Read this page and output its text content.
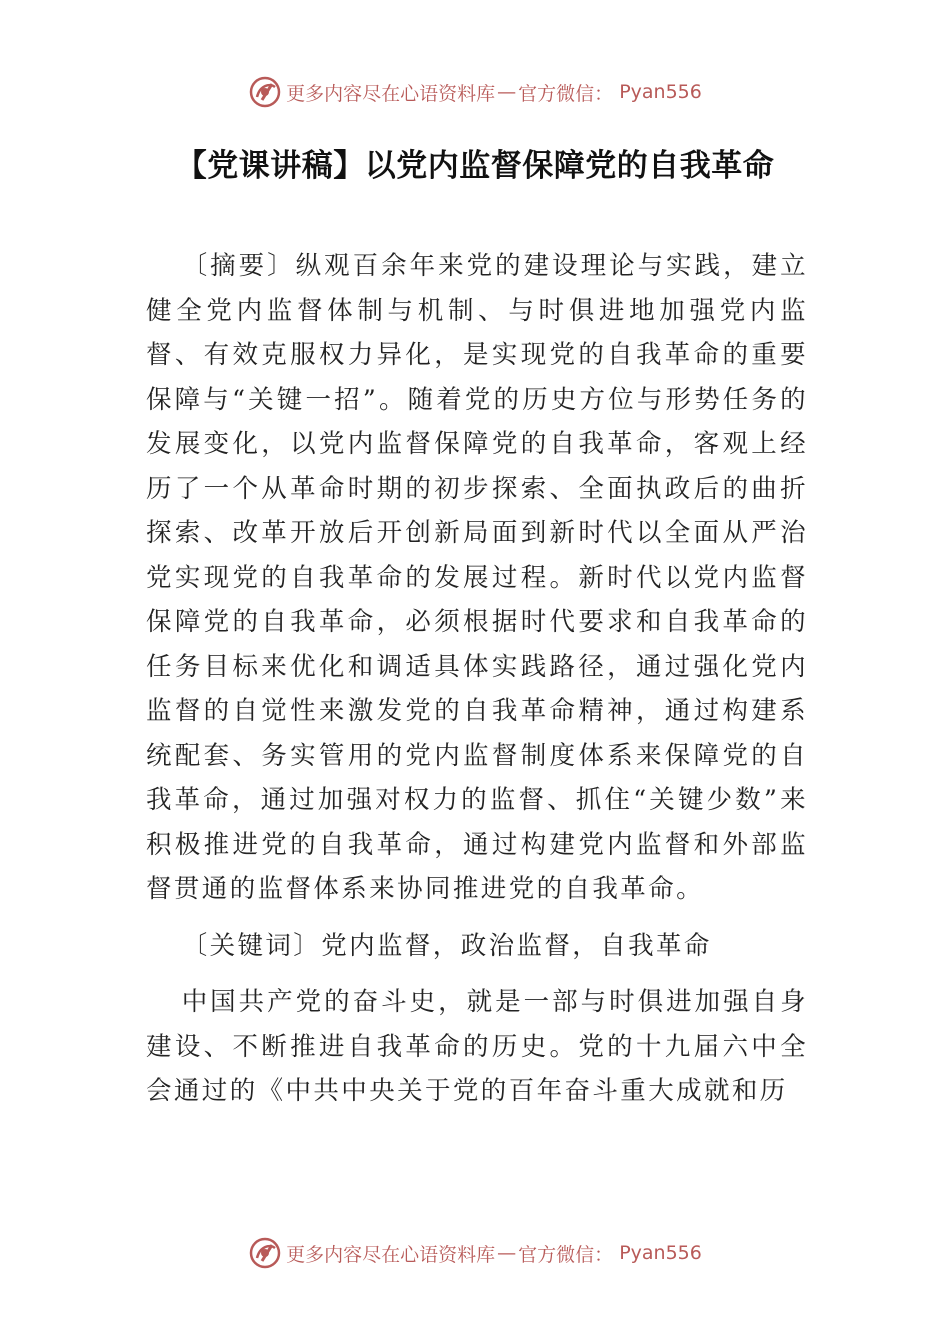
更多内容尽在心语资料库 — 官方微信： Pyan556
【党课讲稿】以党内监督保障党的自我革命

〔摘要〕纵观百余年来党的建设理论与实践，建立健全党内监督体制与机制、与时俱进地加强党内监督、有效克服权力异化，是实现党的自我革命的重要保障与“关键一招”。随着党的历史方位与形势任务的发展变化，以党内监督保障党的自我革命，客观上经历了一个从革命时期的初步探索、全面执政后的曲折探索、改革开放后开创新局面到新时代以全面从严治党实现党的自我革命的发展过程。新时代以党内监督保障党的自我革命，必须根据时代要求和自我革命的任务目标来优化和调适具体实践路径，通过强化党内监督的自觉性来激发党的自我革命精神，通过构建系统配套、务实管用的党内监督制度体系来保障党的自我革命，通过加强对权力的监督、抓住“关键少数”来积极推进党的自我革命，通过构建党内监督和外部监督贯通的监督体系来协同推进党的自我革命。

〔关键词〕党内监督，政治监督，自我革命

中国共产党的奋斗史，就是一部与时俱进加强自身建设、不断推进自我革命的历史。党的十九届六中全会通过的《中共中央关于党的百年奋斗重大成就和历

更多内容尽在心语资料库 — 官方微信： Pyan556
